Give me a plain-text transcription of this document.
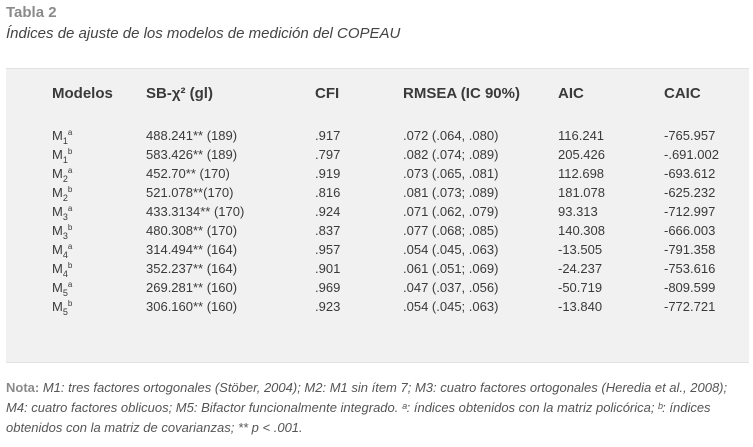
Tabla 2
Índices de ajuste de los modelos de medición del COPEAU
Modelos SB-χ² (gl)	CFI	RMSEA (IC 90%)	AIC	CAIC
$M_1^a$	488.241** (189)	.917	.072 (.064, .080)	116.241	-765.957
$M_1^b$	583.426** (189)	.797	.082 (.074; .089)	205.426	-.691.002
$M_2^a$	452.70** (170)	.919	.073 (.065, .081)	112.698	-693.612
$M_2^b$	521.078**(170)	.816	.081 (.073; .089)	181.078	-625.232
$M_3^a$	433.3134** (170)	.924	.071 (.062, .079)	93.313	-712.997
$M_3^b$	480.308** (170)	.837	.077 (.068; .085)	140.308	-666.003
$M_4^a$	314.494** (164)	.957	.054 (.045, .063)	-13.505	-791.358
$M_4^b$	352.237** (164)	.901	.061 (.051; .069)	-24.237	-753.616
$M_5^a$	269.281** (160)	.969	.047 (.037, .056)	-50.719	-809.599
$M_5^b$	306.160** (160)	.923	.054 (.045; .063)	-13.840	-772.721
Nota: M1: tres factores ortogonales (Stöber, 2004); M2: M1 sin ítem 7; M3: cuatro factores ortogonales (Heredia et al., 2008); M4: cuatro factores oblicuos; M5: Bifactor funcionalmente integrado. ᵃ: índices obtenidos con la matriz policórica; ᵇ: índices obtenidos con la matriz de covarianzas; ** p < .001.
